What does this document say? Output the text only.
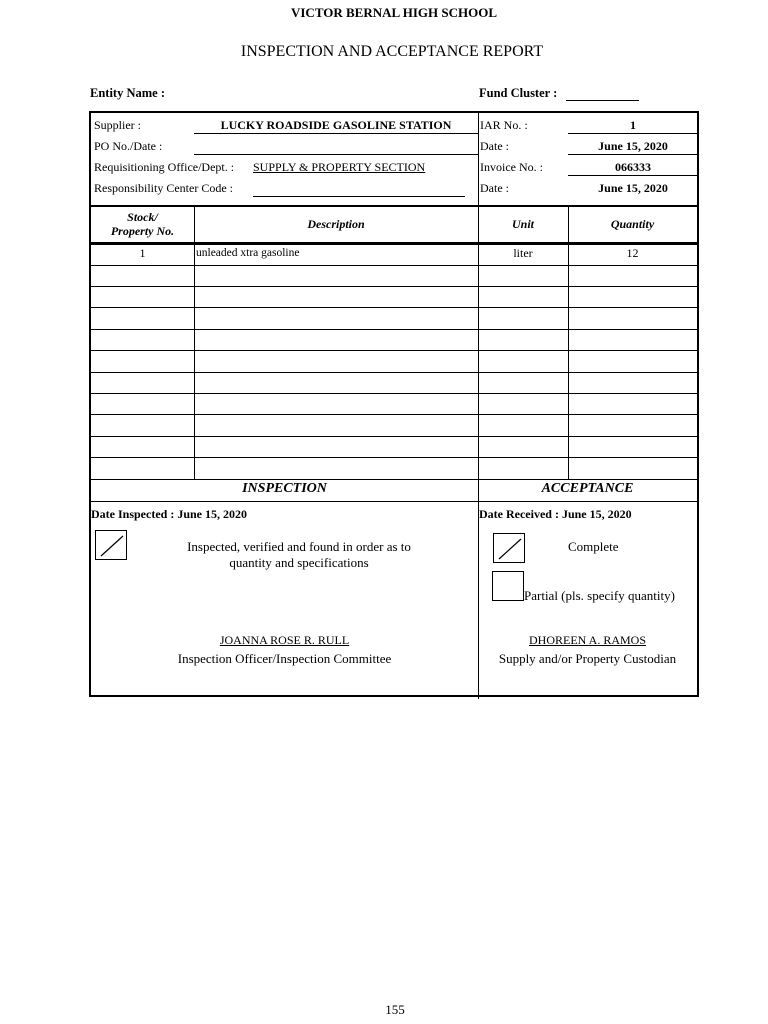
VICTOR BERNAL HIGH SCHOOL
INSPECTION AND ACCEPTANCE REPORT
Entity Name :	Fund Cluster :
Supplier :	LUCKY ROADSIDE GASOLINE STATION
PO No./Date :
Requisitioning Office/Dept. : SUPPLY & PROPERTY SECTION
Responsibility Center Code :
IAR No. :	1
Date :	June 15, 2020
Invoice No. :	066333
Date :	June 15, 2020
Stock/
Property No.	Description	Unit	Quantity
1	unleaded xtra gasoline	liter	12
INSPECTION	ACCEPTANCE
Date Inspected : June 15, 2020
Inspected, verified and found in order as to
quantity and specifications
JOANNA ROSE R. RULL
Inspection Officer/Inspection Committee
Date Received : June 15, 2020
Complete
Partial (pls. specify quantity)
DHOREEN A. RAMOS
Supply and/or Property Custodian
155
